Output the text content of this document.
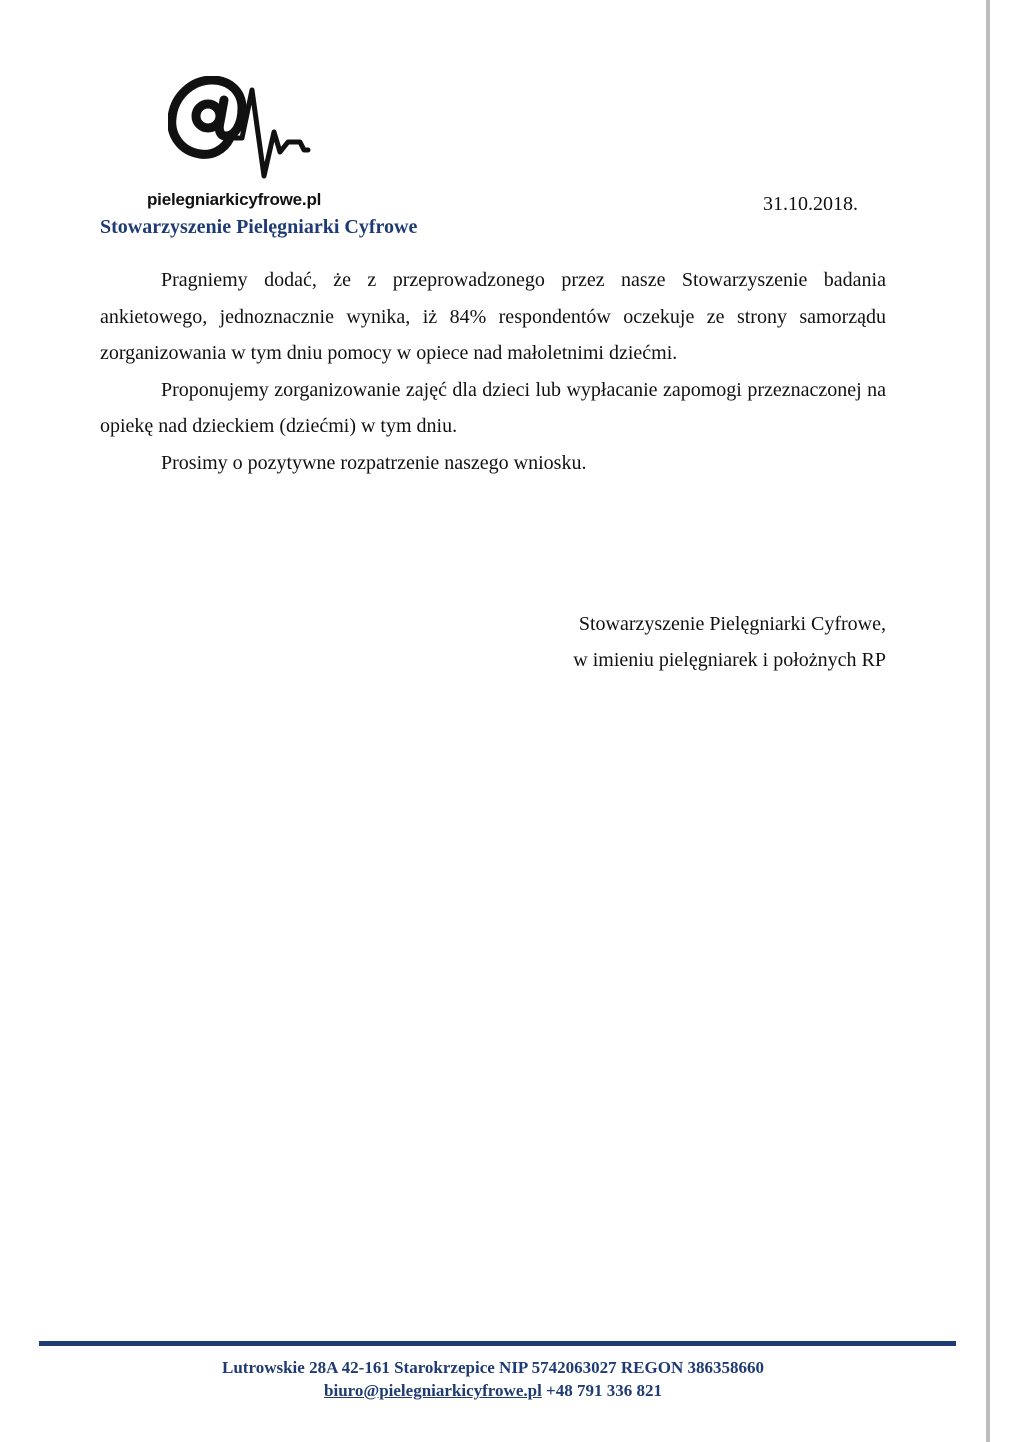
pielegniarkicyfrowe.pl
Stowarzyszenie Pielęgniarki Cyfrowe
31.10.2018.

Pragniemy dodać, że z przeprowadzonego przez nasze Stowarzyszenie badania ankietowego, jednoznacznie wynika, iż 84% respondentów oczekuje ze strony samorządu zorganizowania w tym dniu pomocy w opiece nad małoletnimi dziećmi.

Proponujemy zorganizowanie zajęć dla dzieci lub wypłacanie zapomogi przeznaczonej na opiekę nad dzieckiem (dziećmi) w tym dniu.

Prosimy o pozytywne rozpatrzenie naszego wniosku.

Stowarzyszenie Pielęgniarki Cyfrowe,
w imieniu pielęgniarek i położnych RP
Lutrowskie 28A 42-161 Starokrzepice NIP 5742063027 REGON 386358660
biuro@pielegniarkicyfrowe.pl +48 791 336 821
